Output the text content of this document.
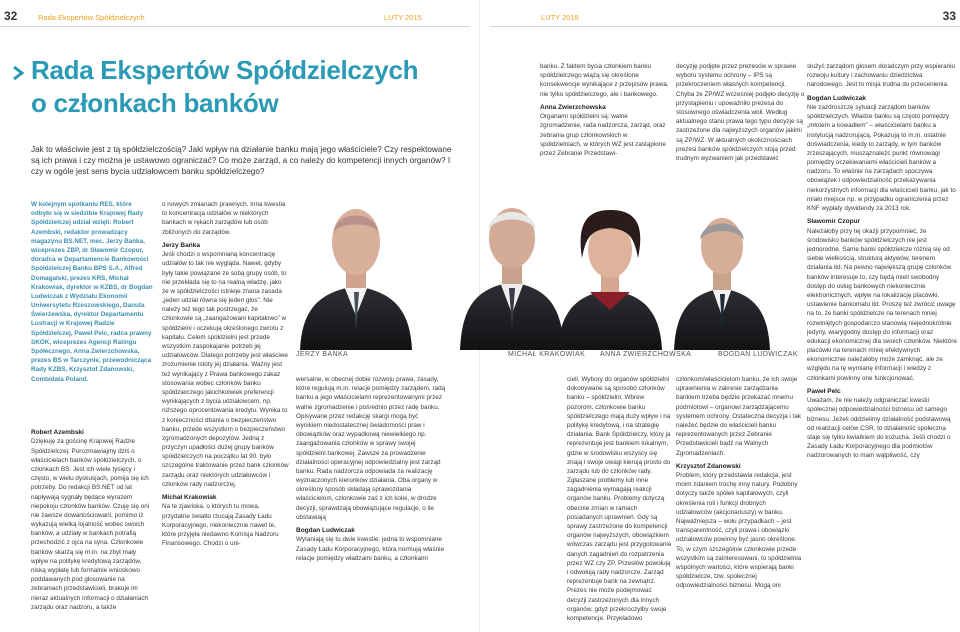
32	Rada Ekspertów Spółdzielczych	LUTY 2015	LUTY 2015	33
Rada Ekspertów Spółdzielczych
o członkach banków

Jak to właściwie jest z tą spółdzielczością? Jaki wpływ na działanie banku mają jego właściciele? Czy respektowane są ich prawa i czy można je ustawowo ograniczać? Co może zarząd, a co należy do kompetencji innych organów? I czy w ogóle jest sens bycia udziałowcem banku spółdzielczego?

W kolejnym spotkaniu RES, które odbyło się w siedzibie Krajowej Rady Spółdzielczej udział wzięli: Robert Azembski, redaktor prowadzący magazynu BS.NET, mec. Jerzy Bańka, wiceprezes ZBP, dr Sławomir Czopur, doradca w Departamencie Bankowości Spółdzielczej Banku BPS S.A., Alfred Domagalski, prezes KRS, Michał Krakowiak, dyrektor w KZBS, dr Bogdan Ludwiczak z Wydziału Ekonomii Uniwersytetu Rzeszowskiego, Danuta Świerżewska, dyrektor Departamentu Lustracji w Krajowej Radzie Spółdzielczej, Paweł Pelc, radca prawny SKOK, wiceprezes Agencji Ratingu Spółecznego, Anna Zwierzchowska, prezes BS w Tarczynie, przewodnicząca Rady KZBS, Krzysztof Zdanowski, Combidata Poland.

Robert Azembski

Dziękuję za gościnę Krajowej Radzie Spółdzielczej. Porozmawiajmy dziś o właścicielach banków spółdzielczych, o członkach BS. Jest ich wiele tysięcy i często, w wielu dyskusjach, pomija się ich potrzeby. Do redakcji BS.NET od lat napływają sygnały będące wyrazem niepokoju członków banków. Czuję się oni nie zawsze dowartościowani, pomimo iż wykazują wielką lojalność wobec swoich banków, a udziały w bankach potrafią przechodzić z ojca na syna. Członkowie banków skarżą się m.in. na zbyt mały wpływ na politykę kredytową zarządów, niską wypłatę lub formalnie wnioskowo poddawanych pod głosowanie na zebraniach przedstawicieli, brakuje im nieraz aktualnych informacji o działaniach zarządu oraz nadzoru, a także

o nowych zmianach prawnych. Inna kwestia to koncentracja udziałów w niektórych bankach w rękach zarządów lub osób zbliżonych do zarządów.

Jerzy Bańka

Jeśli chodzi o wspomnianą koncentrację udziałów to tak nie wygląda. Nawet, gdyby były takie powiązane ze sobą grupy osób, to nie przekłada się to na realną władzę, jako że w spółdzielczości istnieje znana zasada „jeden udział równa się jeden głos”. Nie należy też tego tak postrzegać, że członkowie są „zaangażowani kapitałowo” w spółdzielni i oczekują określonego zwrotu z kapitału. Celem spółdzielni jest przede wszystkim zaspokajanie potrzeb jej udziałowców. Dlatego potrzeby jest właściwe zrozumienie istoty jej działania. Ważny jest też wynikający z Prawa bankowego zakaz stosowania wobec członków banku spółdzielczego jakichkolwiek preferencji wynikających z bycia udziałowcem, np. niższego oprocentowania kredytu. Wynika to z konieczności dbania o bezpieczeństwo banku, przede wszystkim o bezpieczeństwo zgromadzonych depozytów. Jedną z przyczyn upadłości dużej grupy banków spółdzielczych na początku lat 90. było szczególne traktowanie przez bank członków zarządu oraz niektórych udziałowców i członków rady nadzorczej.

Michał Krakowiak

Na te zjawiska, o których tu mowa, przydatne światło rzucają Zasady Ładu Korporacyjnego, niekoniecznie nawet te, które przyjęła niedawno Komisja Nadzoru Finansowego. Chodzi o uni-

wersalne, w obecnej dobie rozwoju prawa, zasady, które regulują m.in. relacje pomiędzy zarządem, radą banku a jego właścicielami reprezentowanymi przez walne zgromadzenie i pośrednio przez radę banku. Opisywane przez redakcję skargi mogą być wynikiem niedostatecznej świadomości praw i obowiązków oraz wypadkową niewielkiego np. zaangażowania członków w sprawy swojej spółdzielni bankowej. Zawsze za prowadzenie działalności operacyjnej odpowiedzialny jest zarząd banku. Rada nadzorcza odpowiada za realizację wyznaczonych kierunków działania. Oba organy w określony sposób składają sprawozdania właścicielom, członkowie zaś z ich kolei, w drodze decyzji, sprawdzają obowiązujące regulacje, o ile obstawiają

Bogdan Ludwiczak

Wytaniają się tu dwie kwestie: jedna to wspomniane Zasady Ładu Korporacyjnego, która normują właśnie relacje pomiędzy władzami banku, a członkami

banku. Z faktem bycia członkiem banku spółdzielczego wiążą się określone konsekwencje wynikające z przepisów prawa, nie tylko spółdzielczego, ale i bankowego.

Anna Zwierzchowska

Organami spółdzielni są: walne zgromadzenie, rada nadzorcza, zarząd, oraz zebrania grup członkowskich w spółdzielniach, w których WZ jest zastąpione przez Zebranie Przedstawi-

decyzję podjęte przez prezesów w sprawie wyboru systemu ochrony – IPS są przekroczeniem własnych kompetencji. Chyba że ZP/WZ wcześniej podjęło decyzję o przystąpieniu i upoważniło prezesa do stosownego oświadczenia woli. Według aktualnego stanu prawa tego typu decyzje są zastrzeżone dla najwyższych organów jakimi są ZP/WZ. W aktualnych okolicznościach prezesi banków spółdzielczych stoją przed trudnym wyzwaniem jak przedstawić

służyć zarządom głosem doradczym przy wspieraniu rozwoju kultury i zachowaniu dziedzictwa narodowego. Jest to misja trudna do przecenienia.

Bogdan Ludwiczak

Nie zazdroszczę sytuacji zarządom banków spółdzielczych. Władze banku są często pomiędzy „młotem a kowadłem” – właścicielami banku a instytucją nadzorującą. Pokazują to m.in. ostatnie doświadczenia, kiedy to zarządy, w tym banków zrzeszających, musząznaleźć punkt równowagi pomiędzy oczekiwaniami właścicieli banków a nadzoru. To właśnie na zarządach spoczywa obowiązek i odpowiedzialność przekazywania niekorzystnych informacji dla właścicieli banku, jak to miało miejsce np. w przypadku ograniczenia przez KNF wypłaty dywidendy za 2013 rok.

Sławomir Czopur

Należałoby przy tej okazji przypomnieć, że środowisko banków spółdzielczych nie jest jednorodne. Same banki spółdzielcze różnią się od siebie wielkością, strukturą aktywów, terenem działania itd. Na pewno największą grupę członków banków interesuje to, czy będą mieli swobodny dostęp do usług bankowych niekoniecznie elektronicznych, wpływ na lokalizację placówki, ustawienie bankomatu itd. Proszę też zwrócić uwagę na to, że banki spółdzielcze na terenach mniej rozwiniętych gospodarczo stanowią niejednokrotnie jedyny, wiarygodny dostęp do informacji oraz edukacji ekonomicznej dla swoich członków. Niektóre placówki na terenach mniej efektywnych ekonomicznie należałoby może zamknąć, ale ze względu na tę wymianę informacji i wiedzy z członkami powinny one funkcjonować.

Paweł Pelc

Uważam, że nie należy odgraniczać kwestii spółecznej odpowiedzialności biznesu od samego biznesu. Jeżeli oddzielimy działalność podstawową od realizacji celów CSR, to działalność społeczna staje się tylko kwiatkiem do kożucha. Jeśli chodzi o Zasady Ładu Korporacyjnego dla podmiotów nadzorowanych to mam wątpliwość, czy

cieli. Wybory do organów spółdzielni dokonywane są sposobó członków banku – spółdzielni. Wbrew pozorom, członkowie banku spółdzielczego mają duży wpływ i na politykę kredytową, i na strategię działania. Bank Spółdzielczy, który ja reprezentuje jest bankiem lokalnym, gdzie w środowisku wszyscy się znają i swoje uwagi kierują prosto do zarządu lub do członków rady. Zgłaszane problemy lub inne zagadnienia wymagają reakcji organów banku. Problemy dotyczą obecnie zmian w ramach posiadanych uprawnień. Gdy są sprawy zastrzeżone do kompetencji organów najwyższych, obowiązkiem wówczas zarządu jest przygotowanie danych zagadnień do rozpatrzenia przez WZ czy ZP. Przesłów powołują i odwołują rady nadzorcze. Zarząd reprezentuje bank na zewnątrz. Prezes nie może podejmować decyzji zastrzeżonych dla innych organów, gdyż przekroczyłby swoje kompetencje. Przykładowo

członkom/właścicielom banku, że ich swoje uprawnienia w zakresie zarządzania bankiem trzeba będzie przekazać innemu podmiotowi – organowi zarządzającemu systemem ochrony. Ostateczna decyzja i tak należeć będzie do właścicieli banku reprezentowanych przez Zebranie Przedstawicieli bądź na Walnych Zgromadzeniach.

Krzysztof Zdanowski

Problem, który przedstawia redakcja, jest moim zdaniem trochę inny natury. Podobny dotyczy także spółek kapitałowych, czyli określenia roli i funkcji drobnych udziałowców (akcjonariuszy) w banku. Najważniejsza – wołu przypadkach – jest transparentność, czyli prawa i obowiązki udziałowców powinny być jasno określone. To, w czym szczególnie członkowie przede wszystkim są zainteresowani, to spółdzielnia wspólnych wartości, które wspierają banki spółdzielcze, tzw. społecznej odpowiedzialności biznesu. Mogą oni

JERZY BAŃKA	MICHAŁ KRAKOWIAK ANNA ZWIERZCHOWSKA	BOGDAN LUDWICZAK
